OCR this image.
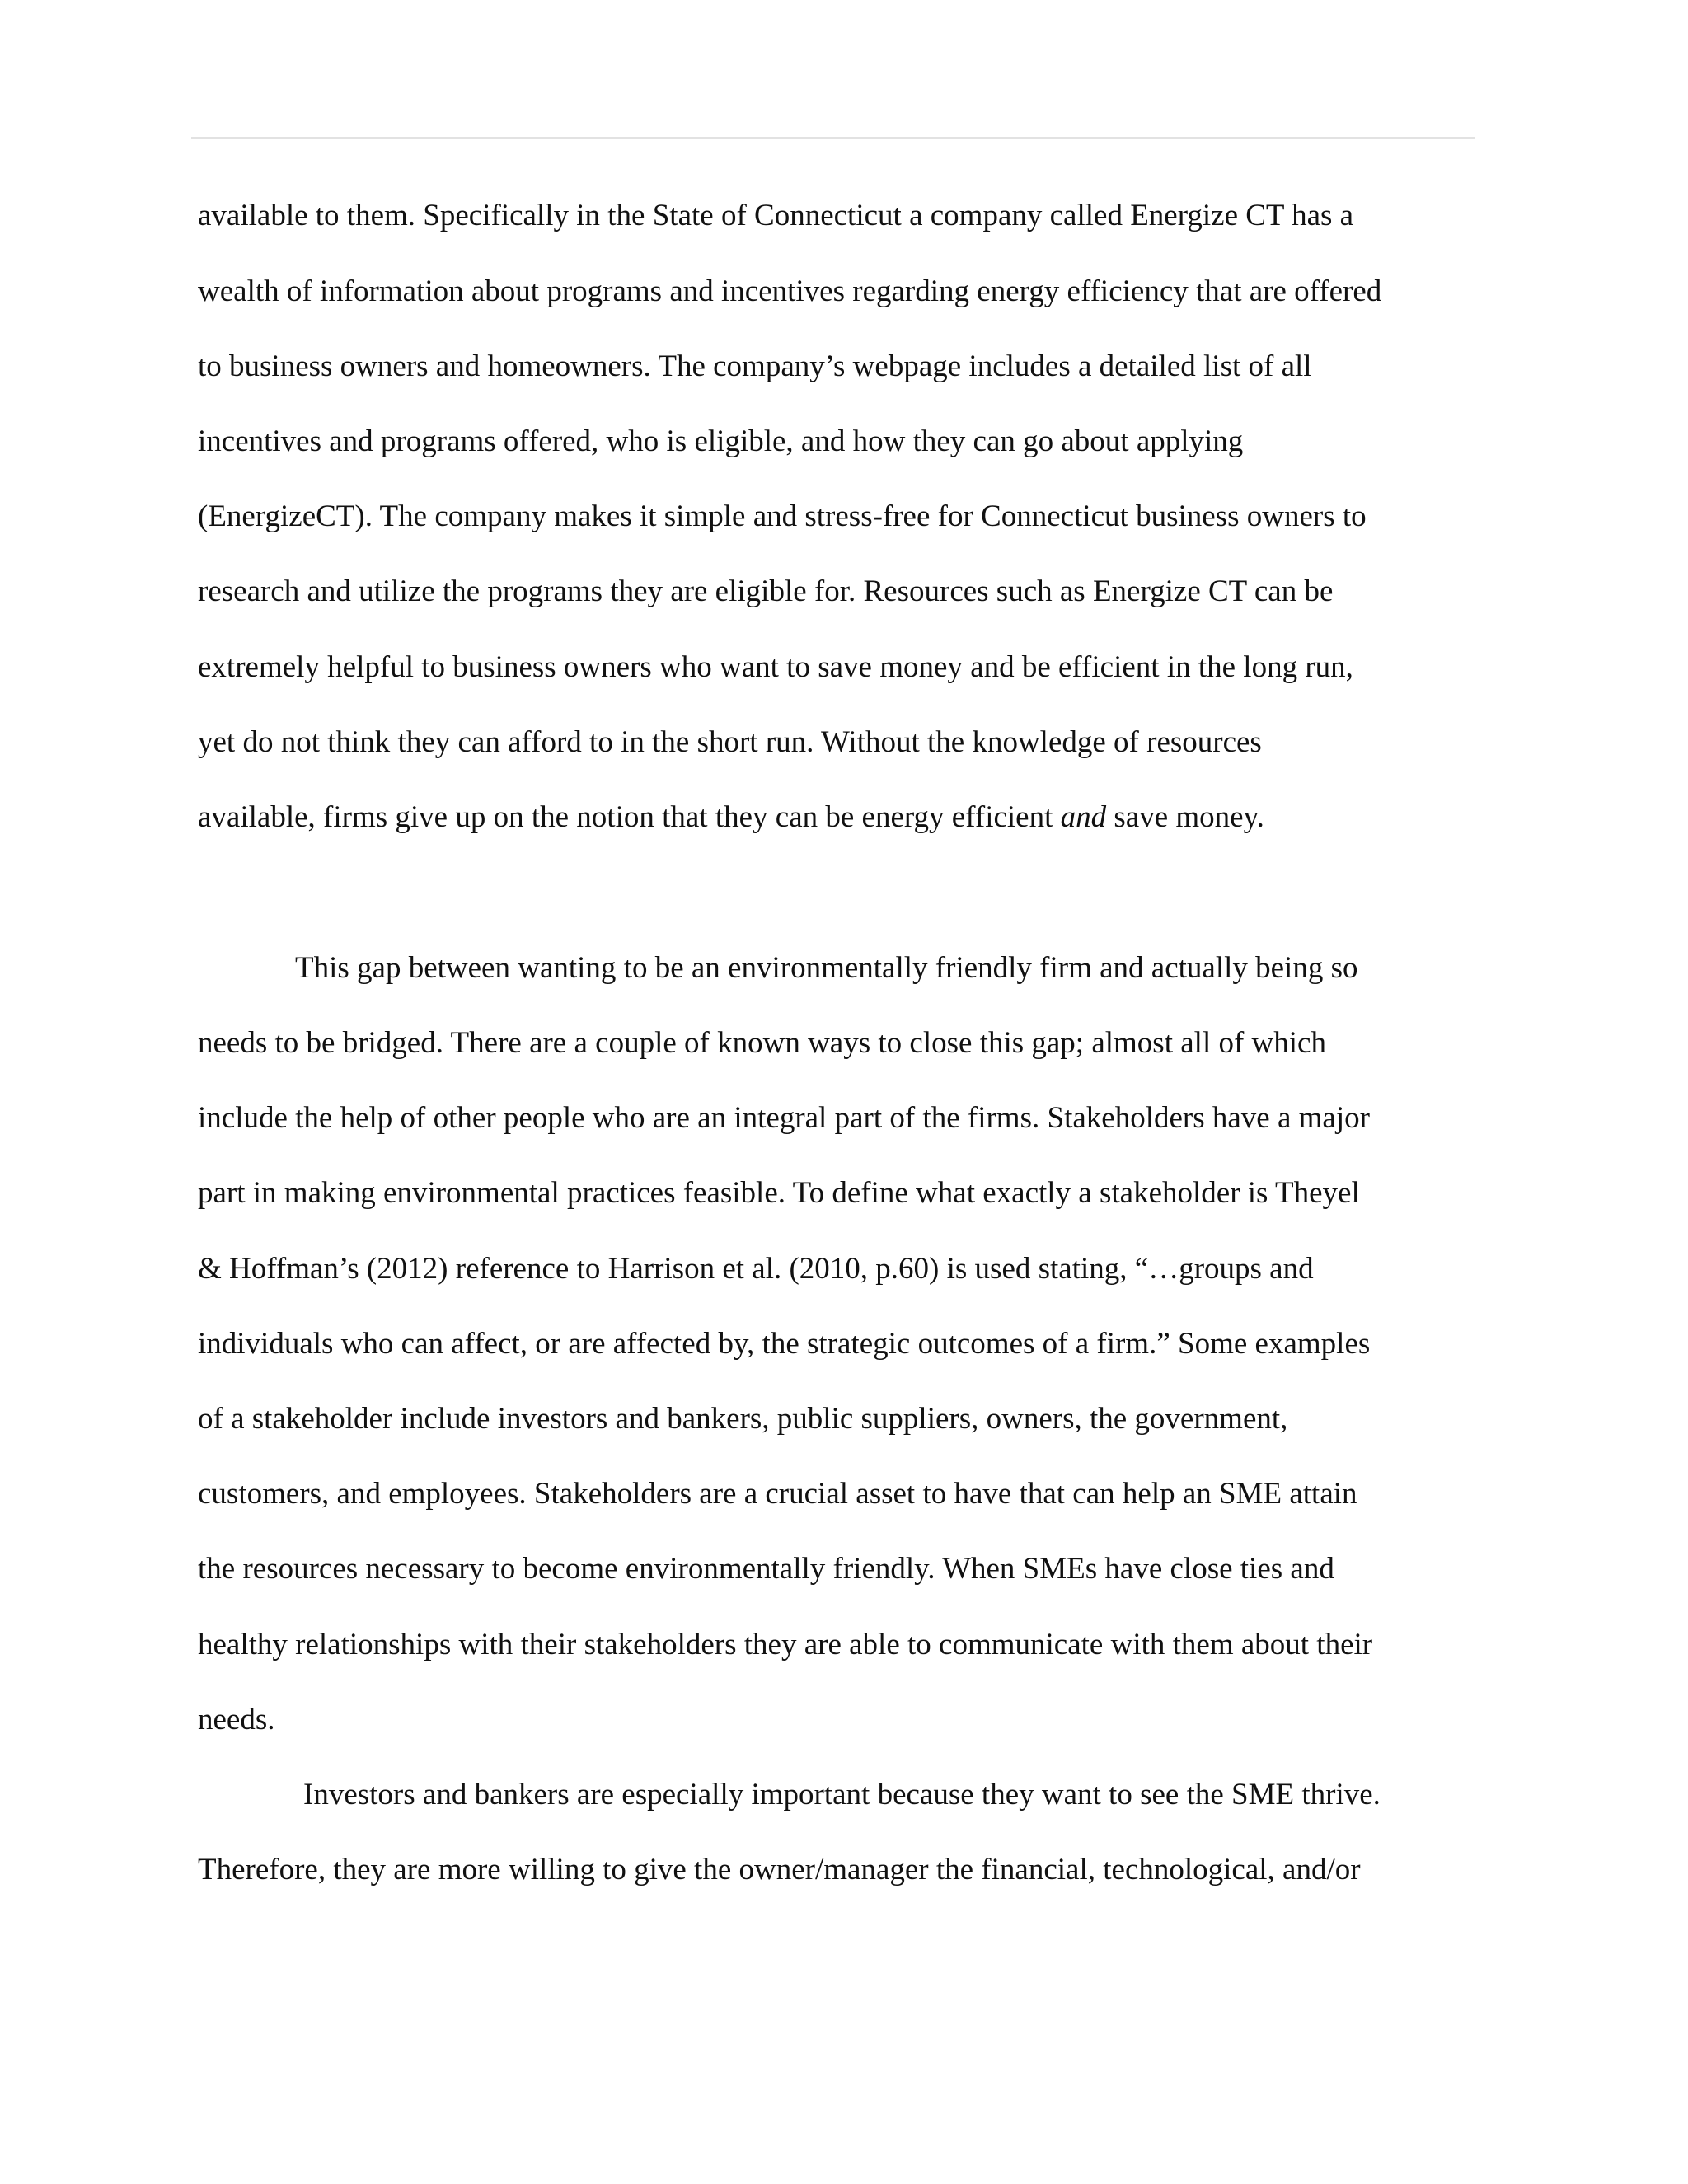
available to them. Specifically in the State of Connecticut a company called Energize CT has a
wealth of information about programs and incentives regarding energy efficiency that are offered
to business owners and homeowners. The company’s webpage includes a detailed list of all
incentives and programs offered, who is eligible, and how they can go about applying
(EnergizeCT). The company makes it simple and stress-free for Connecticut business owners to
research and utilize the programs they are eligible for. Resources such as Energize CT can be
extremely helpful to business owners who want to save money and be efficient in the long run,
yet do not think they can afford to in the short run. Without the knowledge of resources
available, firms give up on the notion that they can be energy efficient and save money.
This gap between wanting to be an environmentally friendly firm and actually being so
needs to be bridged. There are a couple of known ways to close this gap; almost all of which
include the help of other people who are an integral part of the firms. Stakeholders have a major
part in making environmental practices feasible. To define what exactly a stakeholder is Theyel
& Hoffman’s (2012) reference to Harrison et al. (2010, p.60) is used stating, “…groups and
individuals who can affect, or are affected by, the strategic outcomes of a firm.” Some examples
of a stakeholder include investors and bankers, public suppliers, owners, the government,
customers, and employees. Stakeholders are a crucial asset to have that can help an SME attain
the resources necessary to become environmentally friendly. When SMEs have close ties and
healthy relationships with their stakeholders they are able to communicate with them about their
needs.
Investors and bankers are especially important because they want to see the SME thrive.
Therefore, they are more willing to give the owner/manager the financial, technological, and/or
